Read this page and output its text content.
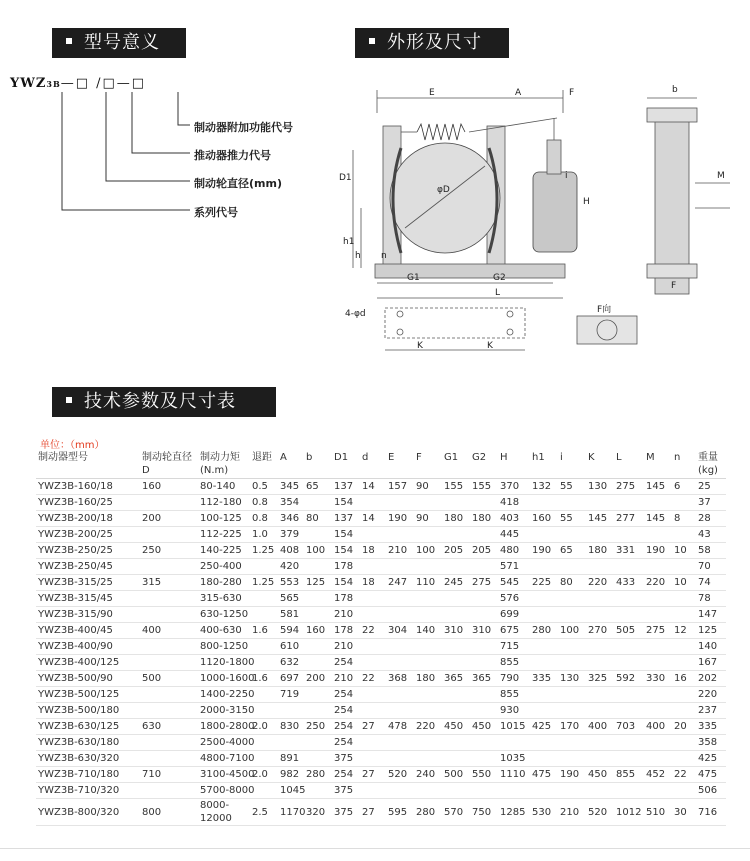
型号意义	外形及尺寸
技术参数及尺寸表
YWZ3B—□ /□—□
制动器附加功能代号
推动器推力代号
制动轮直径(mm)
系列代号
E	A	F	b
D1
h1
h n
M
F
G1	G2
L
K	K
4-φd
φD
i
F向
H
单位：（mm）
制动器型号	制动轮直径 D	制动力矩 (N.m)	退距	A	b	D1	d	E	F	G1	G2	H	h1	i	K	L	M	n	重量 (kg)
YWZ3B-160/18	160	80-140	0.5	345	65	137	14	157	90	155	155	370	132	55	130	275	145	6	25
YWZ3B-160/25		112-180	0.8	354		154						418							37
YWZ3B-200/18	200	100-125	0.8	346	80	137	14	190	90	180	180	403	160	55	145	277	145	8	28
YWZ3B-200/25		112-225	1.0	379		154						445							43
YWZ3B-250/25	250	140-225	1.25	408	100	154	18	210	100	205	205	480	190	65	180	331	190	10	58
YWZ3B-250/45		250-400		420		178						571							70
YWZ3B-315/25	315	180-280	1.25	553	125	154	18	247	110	245	275	545	225	80	220	433	220	10	74
YWZ3B-315/45		315-630		565		178						576							78
YWZ3B-315/90		630-1250		581		210						699							147
YWZ3B-400/45	400	400-630	1.6	594	160	178	22	304	140	310	310	675	280	100	270	505	275	12	125
YWZ3B-400/90		800-1250		610		210						715							140
YWZ3B-400/125		1120-1800		632		254						855							167
YWZ3B-500/90	500	1000-1600	1.6	697	200	210	22	368	180	365	365	790	335	130	325	592	330	16	202
YWZ3B-500/125		1400-2250		719		254						855							220
YWZ3B-500/180		2000-3150				254						930							237
YWZ3B-630/125	630	1800-2800	2.0	830	250	254	27	478	220	450	450	1015	425	170	400	703	400	20	335
YWZ3B-630/180		2500-4000				254													358
YWZ3B-630/320		4800-7100		891		375						1035							425
YWZ3B-710/180	710	3100-4500	2.0	982	280	254	27	520	240	500	550	1110	475	190	450	855	452	22	475
YWZ3B-710/320		5700-8000		1045		375													506
YWZ3B-800/320	800	8000-12000	2.5	1170	320	375	27	595	280	570	750	1285	530	210	520	1012	510	30	716
